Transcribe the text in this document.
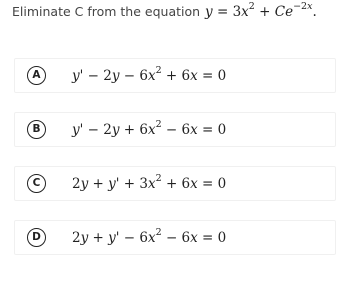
Eliminate C from the equation $y = 3x^2 + Ce^{-2x}$.
A	$y' - 2y - 6x^2 + 6x = 0$
B	$y' - 2y + 6x^2 - 6x = 0$
C	$2y + y' + 3x^2 + 6x = 0$
D	$2y + y' - 6x^2 - 6x = 0$
